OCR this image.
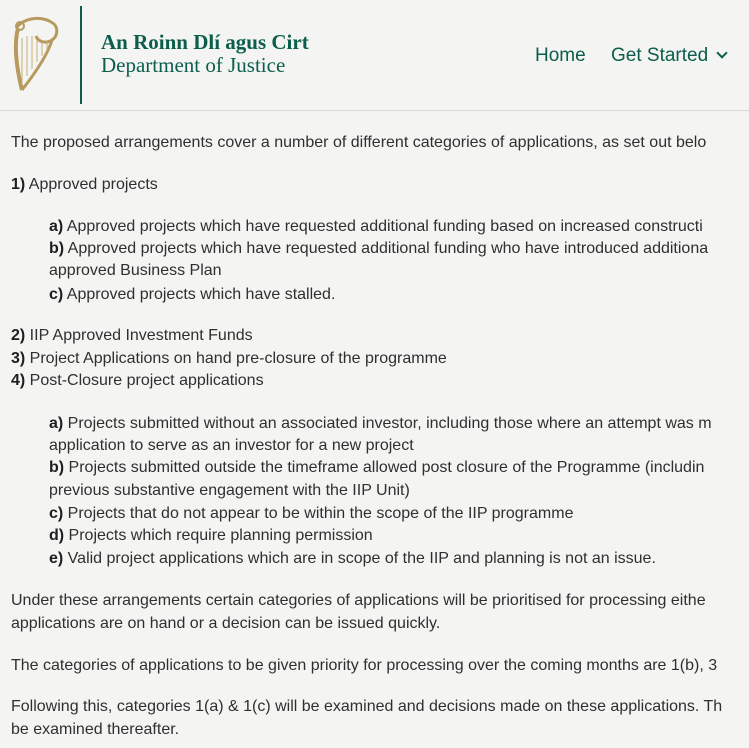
An Roinn Dlí agus Cirt
Department of Justice	Home Get Started
The proposed arrangements cover a number of different categories of applications, as set out belo
1) Approved projects
a) Approved projects which have requested additional funding based on increased constructi
b) Approved projects which have requested additional funding who have introduced additiona
approved Business Plan
c) Approved projects which have stalled.
2) IIP Approved Investment Funds
3) Project Applications on hand pre-closure of the programme
4) Post-Closure project applications
a) Projects submitted without an associated investor, including those where an attempt was m
application to serve as an investor for a new project
b) Projects submitted outside the timeframe allowed post closure of the Programme (includin
previous substantive engagement with the IIP Unit)
c) Projects that do not appear to be within the scope of the IIP programme
d) Projects which require planning permission
e) Valid project applications which are in scope of the IIP and planning is not an issue.
Under these arrangements certain categories of applications will be prioritised for processing eithe
applications are on hand or a decision can be issued quickly.
The categories of applications to be given priority for processing over the coming months are 1(b), 3
Following this, categories 1(a) & 1(c) will be examined and decisions made on these applications. Th
be examined thereafter.
